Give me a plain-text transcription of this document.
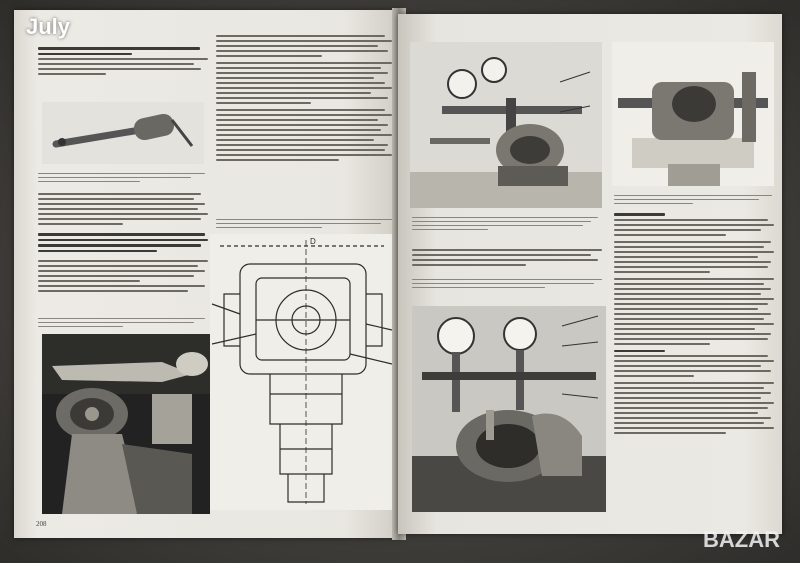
208
D
July
BAZAR
